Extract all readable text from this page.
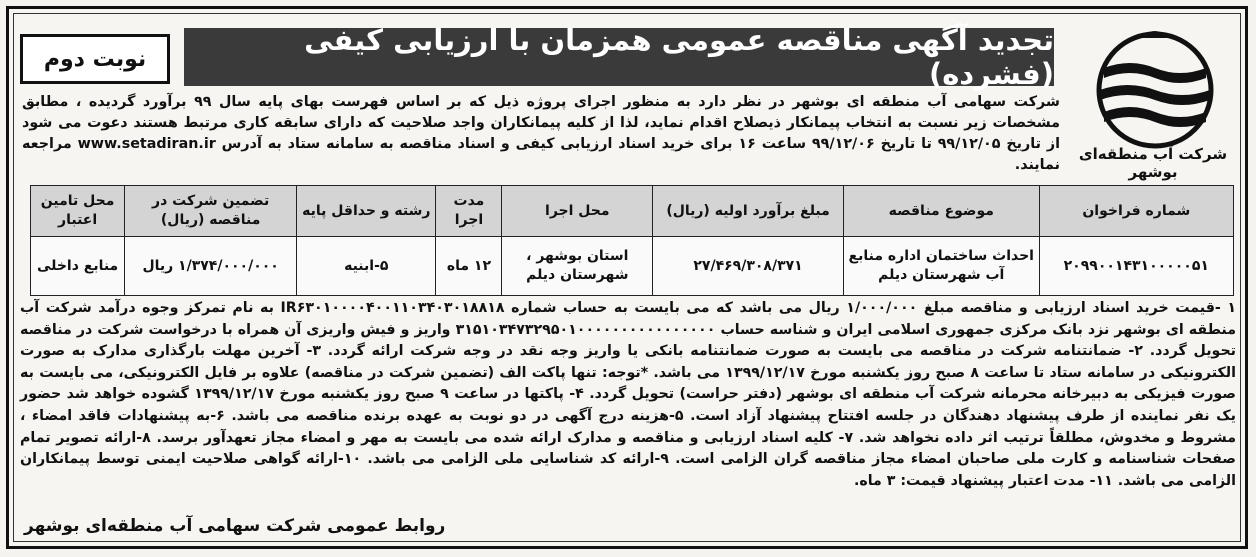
نوبت دوم
تجدید آگهی مناقصه عمومی همزمان با ارزیابی کیفی (فشرده)
شرکت آب منطقه‌ای بوشهر
شرکت سهامی آب منطقه ای بوشهر در نظر دارد به منظور اجرای پروژه ذیل که بر اساس فهرست بهای پایه سال ۹۹ برآورد گردیده ، مطابق مشخصات زیر نسبت به انتخاب پیمانکار ذیصلاح اقدام نماید، لذا از کلیه پیمانکاران واجد صلاحیت که دارای سابقه کاری مرتبط هستند دعوت می شود از تاریخ ۹۹/۱۲/۰۵ تا تاریخ ۹۹/۱۲/۰۶ ساعت ۱۶ برای خرید اسناد ارزیابی کیفی و اسناد مناقصه به سامانه ستاد به آدرس www.setadiran.ir مراجعه نمایند.
شماره فراخوان	موضوع مناقصه	مبلغ برآورد اولیه (ریال)	محل اجرا	مدت اجرا	رشته و حداقل پایه	تضمین شرکت در مناقصه (ریال)	محل تامین اعتبار
۲۰۹۹۰۰۱۴۳۱۰۰۰۰۰۵۱	احداث ساختمان اداره منابع آب شهرستان دیلم	۲۷/۴۶۹/۳۰۸/۳۷۱	استان بوشهر ، شهرستان دیلم	۱۲ ماه	۵-ابنیه	۱/۳۷۴/۰۰۰/۰۰۰ ریال	منابع داخلی
۱ -قیمت خرید اسناد ارزیابی و مناقصه مبلغ ۱/۰۰۰/۰۰۰ ریال می باشد که می بایست به حساب شماره IR۶۳۰۱۰۰۰۰۴۰۰۱۱۰۳۴۰۳۰۱۸۸۱۸ به نام تمرکز وجوه درآمد شرکت آب منطقه ای بوشهر نزد بانک مرکزی جمهوری اسلامی ایران و شناسه حساب ۳۱۵۱۰۳۴۷۳۲۹۵۰۱۰۰۰۰۰۰۰۰۰۰۰۰۰۰۰۰ واریز و فیش واریزی آن همراه با درخواست شرکت در مناقصه تحویل گردد. ۲- ضمانتنامه شرکت در مناقصه می بایست به صورت ضمانتنامه بانکی یا واریز وجه نقد در وجه شرکت ارائه گردد. ۳- آخرین مهلت بارگذاری مدارک به صورت الکترونیکی در سامانه ستاد تا ساعت ۸ صبح روز یکشنبه مورخ ۱۳۹۹/۱۲/۱۷ می باشد. *توجه: تنها پاکت الف (تضمین شرکت در مناقصه) علاوه بر فایل الکترونیکی، می بایست به صورت فیزیکی به دبیرخانه محرمانه شرکت آب منطقه ای بوشهر (دفتر حراست) تحویل گردد. ۴- پاکتها در ساعت ۹ صبح روز یکشنبه مورخ ۱۳۹۹/۱۲/۱۷ گشوده خواهد شد حضور یک نفر نماینده از طرف پیشنهاد دهندگان در جلسه افتتاح پیشنهاد آزاد است. ۵-هزینه درج آگهی در دو نوبت به عهده برنده مناقصه می باشد. ۶-به پیشنهادات فاقد امضاء ، مشروط و مخدوش، مطلقاً ترتیب اثر داده نخواهد شد. ۷- کلیه اسناد ارزیابی و مناقصه و مدارک ارائه شده می بایست به مهر و امضاء مجاز تعهدآور برسد. ۸-ارائه تصویر تمام صفحات شناسنامه و کارت ملی صاحبان امضاء مجاز مناقصه گران الزامی است. ۹-ارائه کد شناسایی ملی الزامی می باشد. ۱۰-ارائه گواهی صلاحیت ایمنی توسط پیمانکاران الزامی می باشد. ۱۱- مدت اعتبار پیشنهاد قیمت: ۳ ماه.
روابط عمومی شرکت سهامی آب منطقه‌ای بوشهر
